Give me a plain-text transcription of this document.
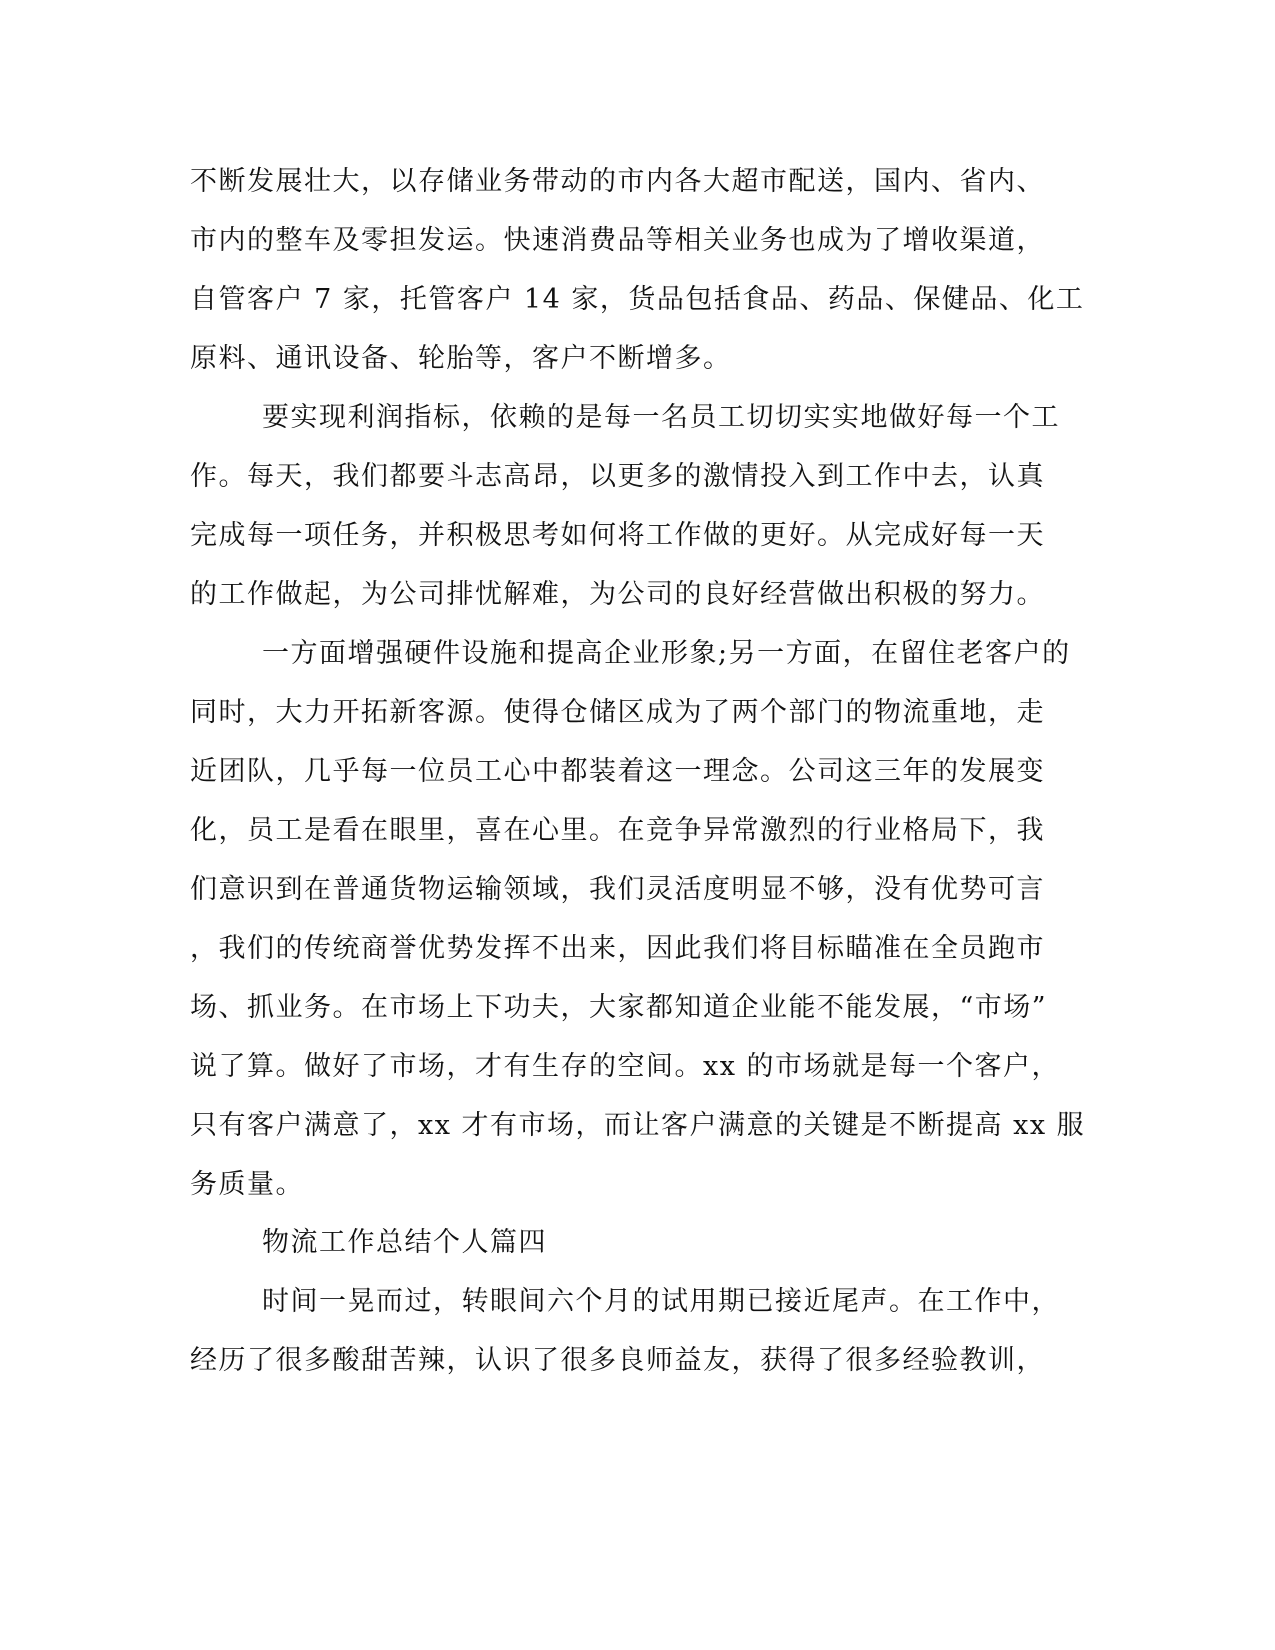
不断发展壮大，以存储业务带动的市内各大超市配送，国内、省内、
市内的整车及零担发运。快速消费品等相关业务也成为了增收渠道，
自管客户 7 家，托管客户 14 家，货品包括食品、药品、保健品、化工
原料、通讯设备、轮胎等，客户不断增多。
要实现利润指标，依赖的是每一名员工切切实实地做好每一个工
作。每天，我们都要斗志高昂，以更多的激情投入到工作中去，认真
完成每一项任务，并积极思考如何将工作做的更好。从完成好每一天
的工作做起，为公司排忧解难，为公司的良好经营做出积极的努力。
一方面增强硬件设施和提高企业形象;另一方面，在留住老客户的
同时，大力开拓新客源。使得仓储区成为了两个部门的物流重地，走
近团队，几乎每一位员工心中都装着这一理念。公司这三年的发展变
化，员工是看在眼里，喜在心里。在竞争异常激烈的行业格局下，我
们意识到在普通货物运输领域，我们灵活度明显不够，没有优势可言
，我们的传统商誉优势发挥不出来，因此我们将目标瞄准在全员跑市
场、抓业务。在市场上下功夫，大家都知道企业能不能发展，“市场”
说了算。做好了市场，才有生存的空间。xx 的市场就是每一个客户，
只有客户满意了，xx 才有市场，而让客户满意的关键是不断提高 xx 服
务质量。
物流工作总结个人篇四
时间一晃而过，转眼间六个月的试用期已接近尾声。在工作中，
经历了很多酸甜苦辣，认识了很多良师益友，获得了很多经验教训，
